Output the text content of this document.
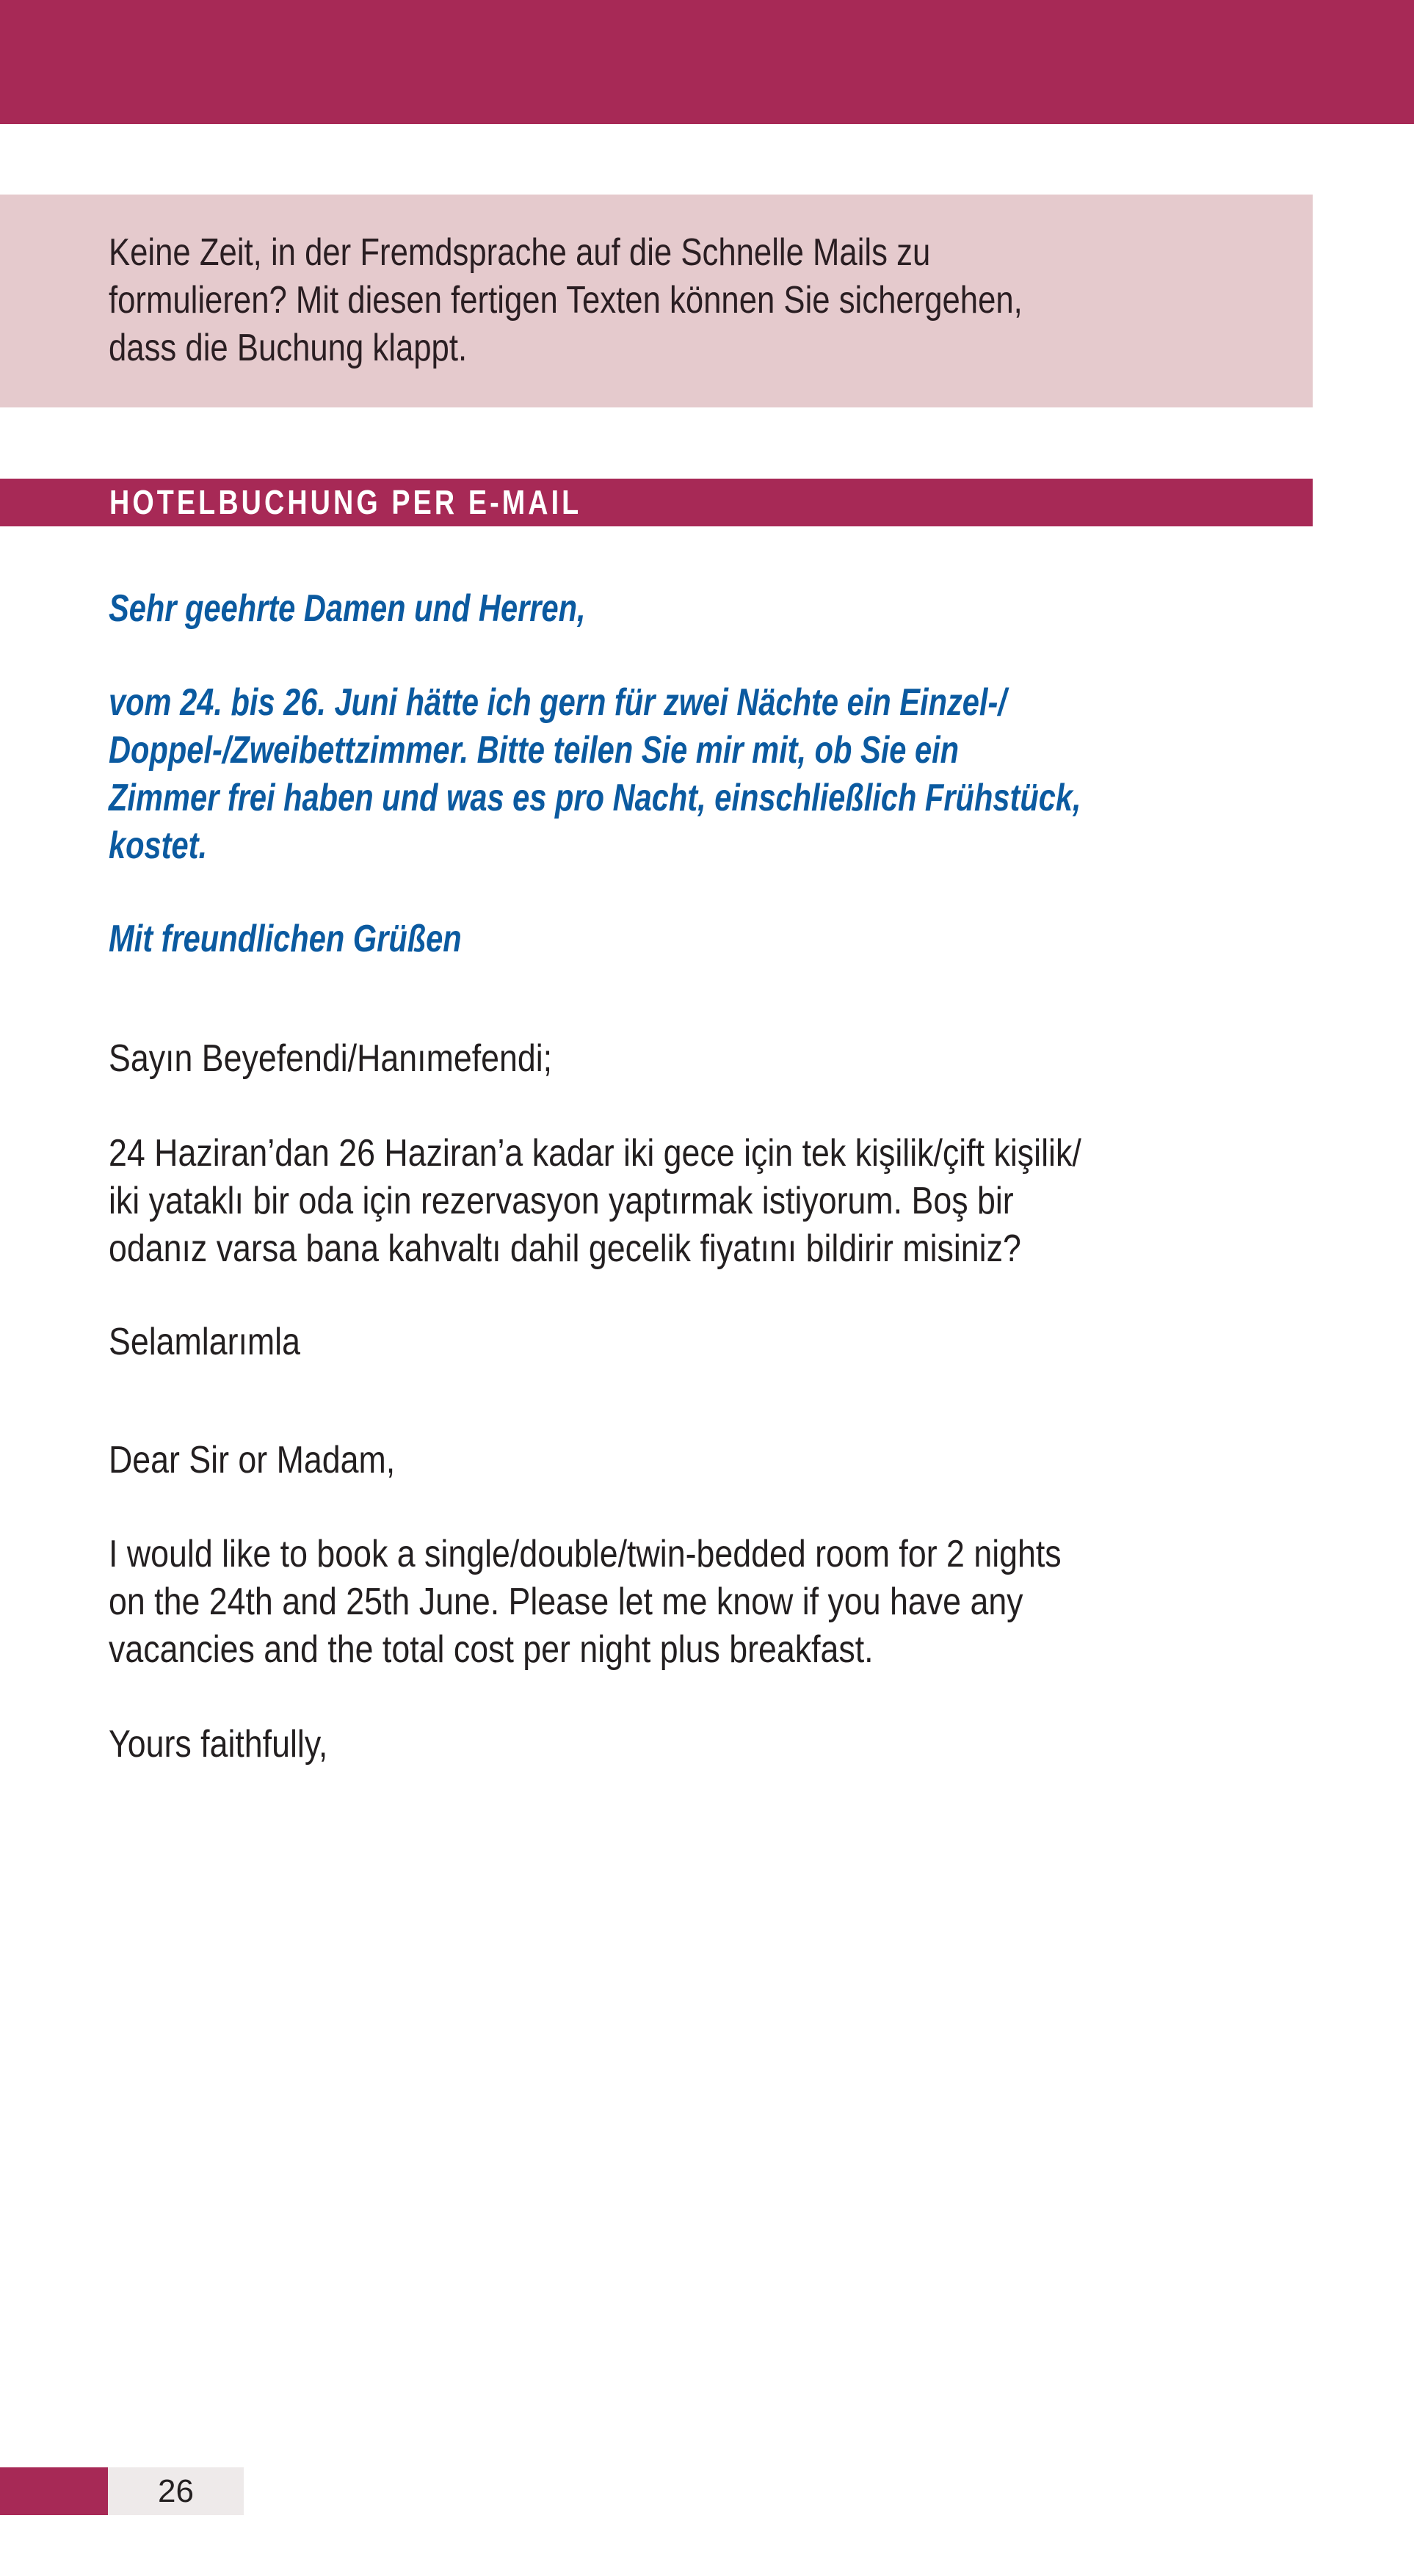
Keine Zeit, in der Fremdsprache auf die Schnelle Mails zu
formulieren? Mit diesen fertigen Texten können Sie sichergehen,
dass die Buchung klappt.
HOTELBUCHUNG PER E-MAIL
Sehr geehrte Damen und Herren,
vom 24. bis 26. Juni hätte ich gern für zwei Nächte ein Einzel-/
Doppel-/Zweibettzimmer. Bitte teilen Sie mir mit, ob Sie ein
Zimmer frei haben und was es pro Nacht, einschließlich Frühstück,
kostet.
Mit freundlichen Grüßen
Sayın Beyefendi/Hanımefendi;
24 Haziran’dan 26 Haziran’a kadar iki gece için tek kişilik/çift kişilik/
iki yataklı bir oda için rezervasyon yaptırmak istiyorum. Boş bir
odanız varsa bana kahvaltı dahil gecelik fiyatını bildirir misiniz?
Selamlarımla
Dear Sir or Madam,
I would like to book a single/double/twin-bedded room for 2 nights
on the 24th and 25th June. Please let me know if you have any
vacancies and the total cost per night plus breakfast.
Yours faithfully,
26
